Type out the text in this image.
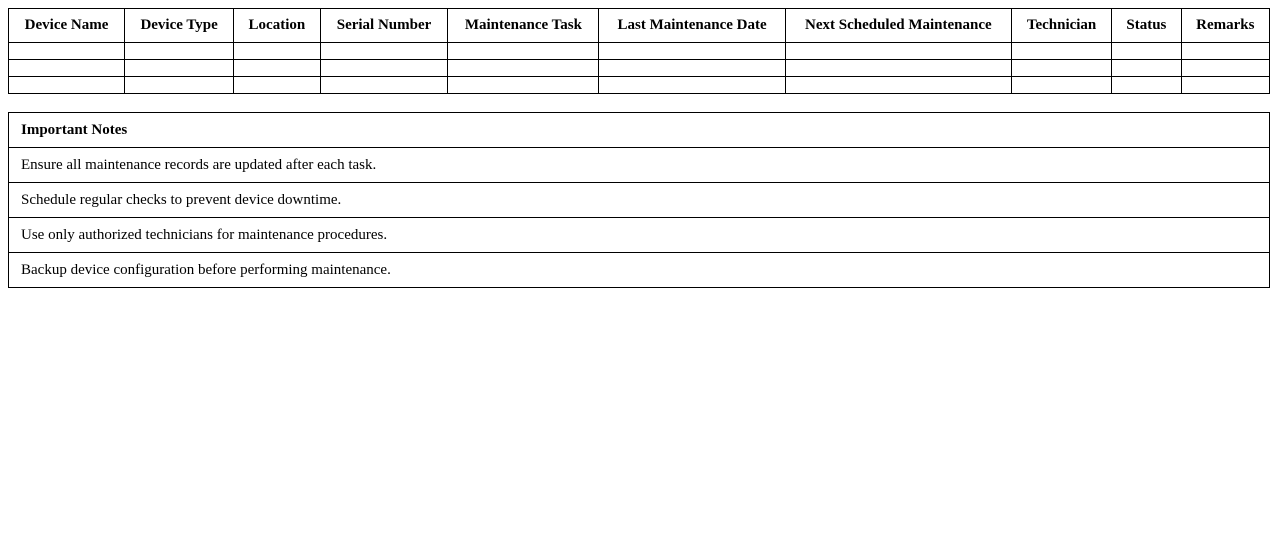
Device Name	Device Type	Location	Serial Number	Maintenance Task	Last Maintenance Date	Next Scheduled Maintenance	Technician	Status	Remarks

Important Notes
Ensure all maintenance records are updated after each task.
Schedule regular checks to prevent device downtime.
Use only authorized technicians for maintenance procedures.
Backup device configuration before performing maintenance.
